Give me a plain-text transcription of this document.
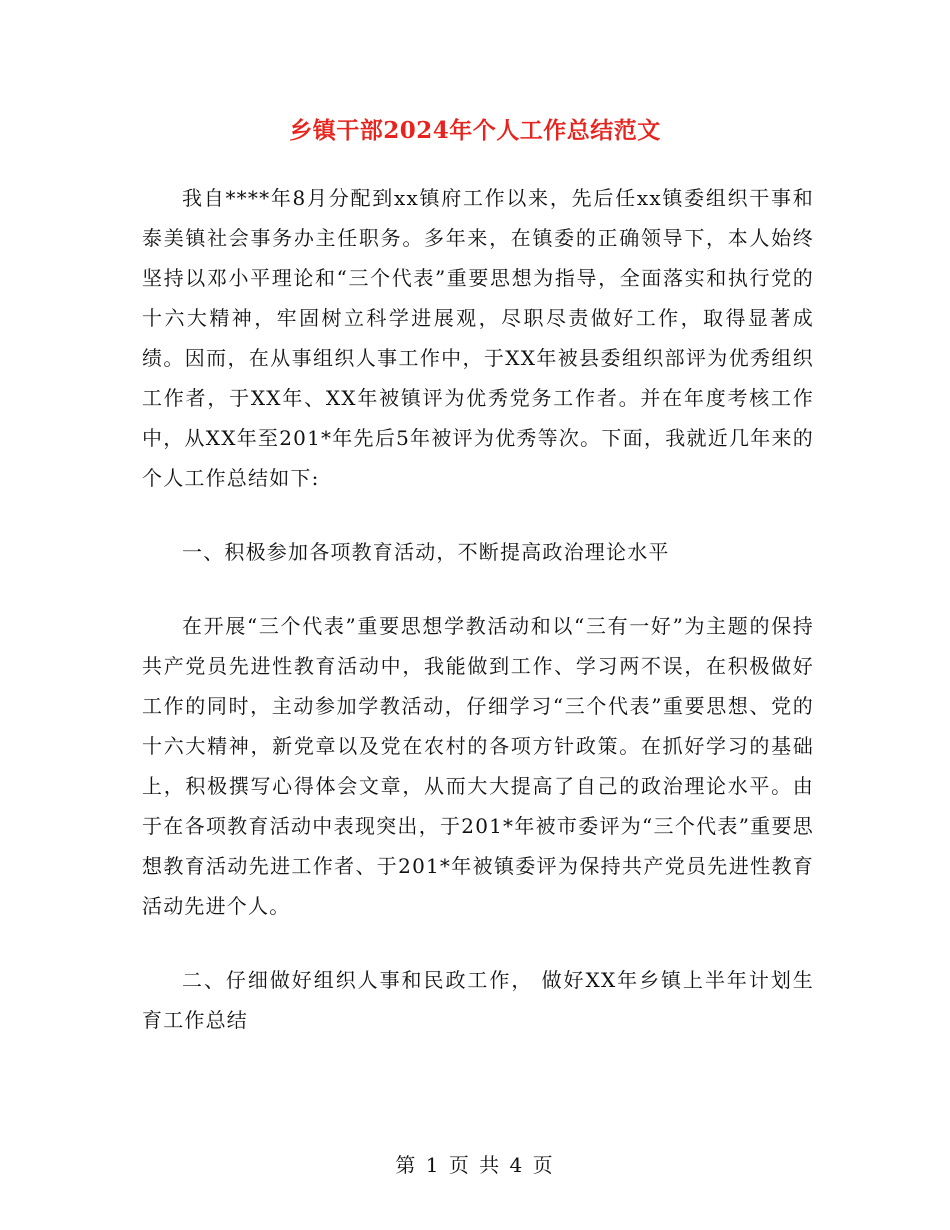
乡镇干部2024年个人工作总结范文

我自****年8月分配到xx镇府工作以来，先后任xx镇委组织干事和泰美镇社会事务办主任职务。多年来，在镇委的正确领导下，本人始终坚持以邓小平理论和“三个代表”重要思想为指导，全面落实和执行党的十六大精神，牢固树立科学进展观，尽职尽责做好工作，取得显著成绩。因而，在从事组织人事工作中，于XX年被县委组织部评为优秀组织工作者，于XX年、XX年被镇评为优秀党务工作者。并在年度考核工作中，从XX年至201*年先后5年被评为优秀等次。下面，我就近几年来的个人工作总结如下:

一、积极参加各项教育活动，不断提高政治理论水平

在开展“三个代表”重要思想学教活动和以“三有一好”为主题的保持共产党员先进性教育活动中，我能做到工作、学习两不误，在积极做好工作的同时，主动参加学教活动，仔细学习“三个代表”重要思想、党的十六大精神，新党章以及党在农村的各项方针政策。在抓好学习的基础上，积极撰写心得体会文章，从而大大提高了自己的政治理论水平。由于在各项教育活动中表现突出，于201*年被市委评为“三个代表”重要思想教育活动先进工作者、于201*年被镇委评为保持共产党员先进性教育活动先进个人。

二、仔细做好组织人事和民政工作， 做好XX年乡镇上半年计划生育工作总结

第 1 页 共 4 页
